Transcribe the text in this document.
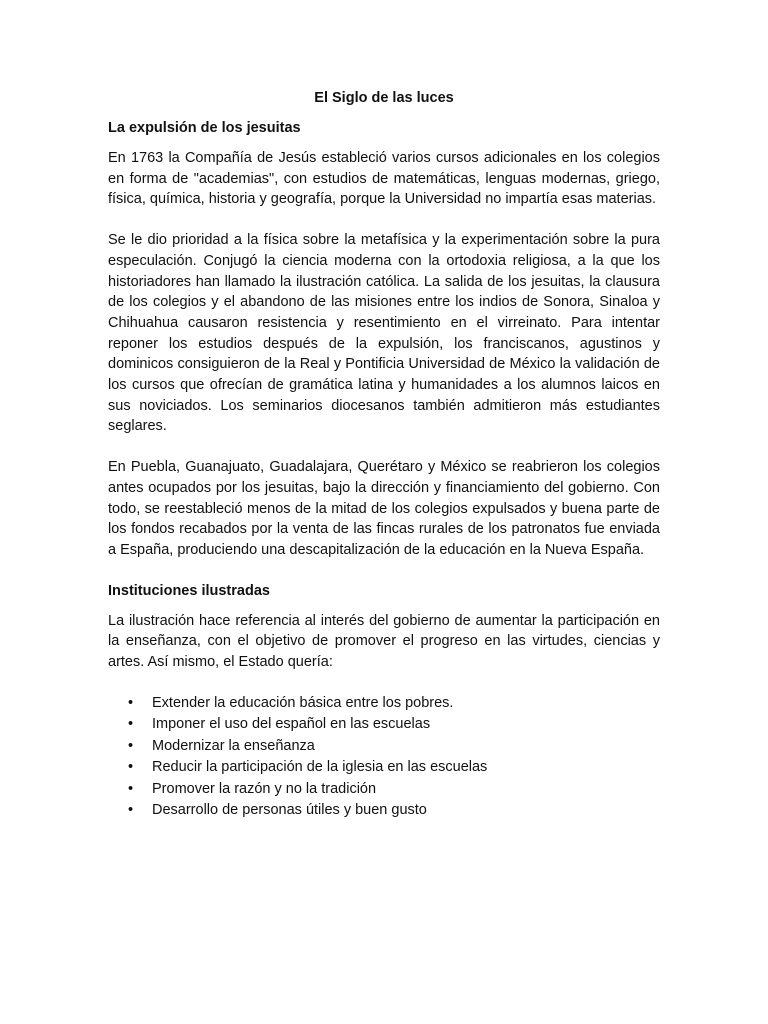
El Siglo de las luces
La expulsión de los jesuitas

En 1763 la Compañía de Jesús estableció varios cursos adicionales en los colegios en forma de "academias", con estudios de matemáticas, lenguas modernas, griego, física, química, historia y geografía, porque la Universidad no impartía esas materias.

Se le dio prioridad a la física sobre la metafísica y la experimentación sobre la pura especulación. Conjugó la ciencia moderna con la ortodoxia religiosa, a la que los historiadores han llamado la ilustración católica. La salida de los jesuitas, la clausura de los colegios y el abandono de las misiones entre los indios de Sonora, Sinaloa y Chihuahua causaron resistencia y resentimiento en el virreinato. Para intentar reponer los estudios después de la expulsión, los franciscanos, agustinos y dominicos consiguieron de la Real y Pontificia Universidad de México la validación de los cursos que ofrecían de gramática latina y humanidades a los alumnos laicos en sus noviciados. Los seminarios diocesanos también admitieron más estudiantes seglares.

En Puebla, Guanajuato, Guadalajara, Querétaro y México se reabrieron los colegios antes ocupados por los jesuitas, bajo la dirección y financiamiento del gobierno. Con todo, se reestableció menos de la mitad de los colegios expulsados y buena parte de los fondos recabados por la venta de las fincas rurales de los patronatos fue enviada a España, produciendo una descapitalización de la educación en la Nueva España.

Instituciones ilustradas

La ilustración hace referencia al interés del gobierno de aumentar la participación en la enseñanza, con el objetivo de promover el progreso en las virtudes, ciencias y artes. Así mismo, el Estado quería:

• Extender la educación básica entre los pobres.
• Imponer el uso del español en las escuelas
• Modernizar la enseñanza
• Reducir la participación de la iglesia en las escuelas
• Promover la razón y no la tradición
• Desarrollo de personas útiles y buen gusto
